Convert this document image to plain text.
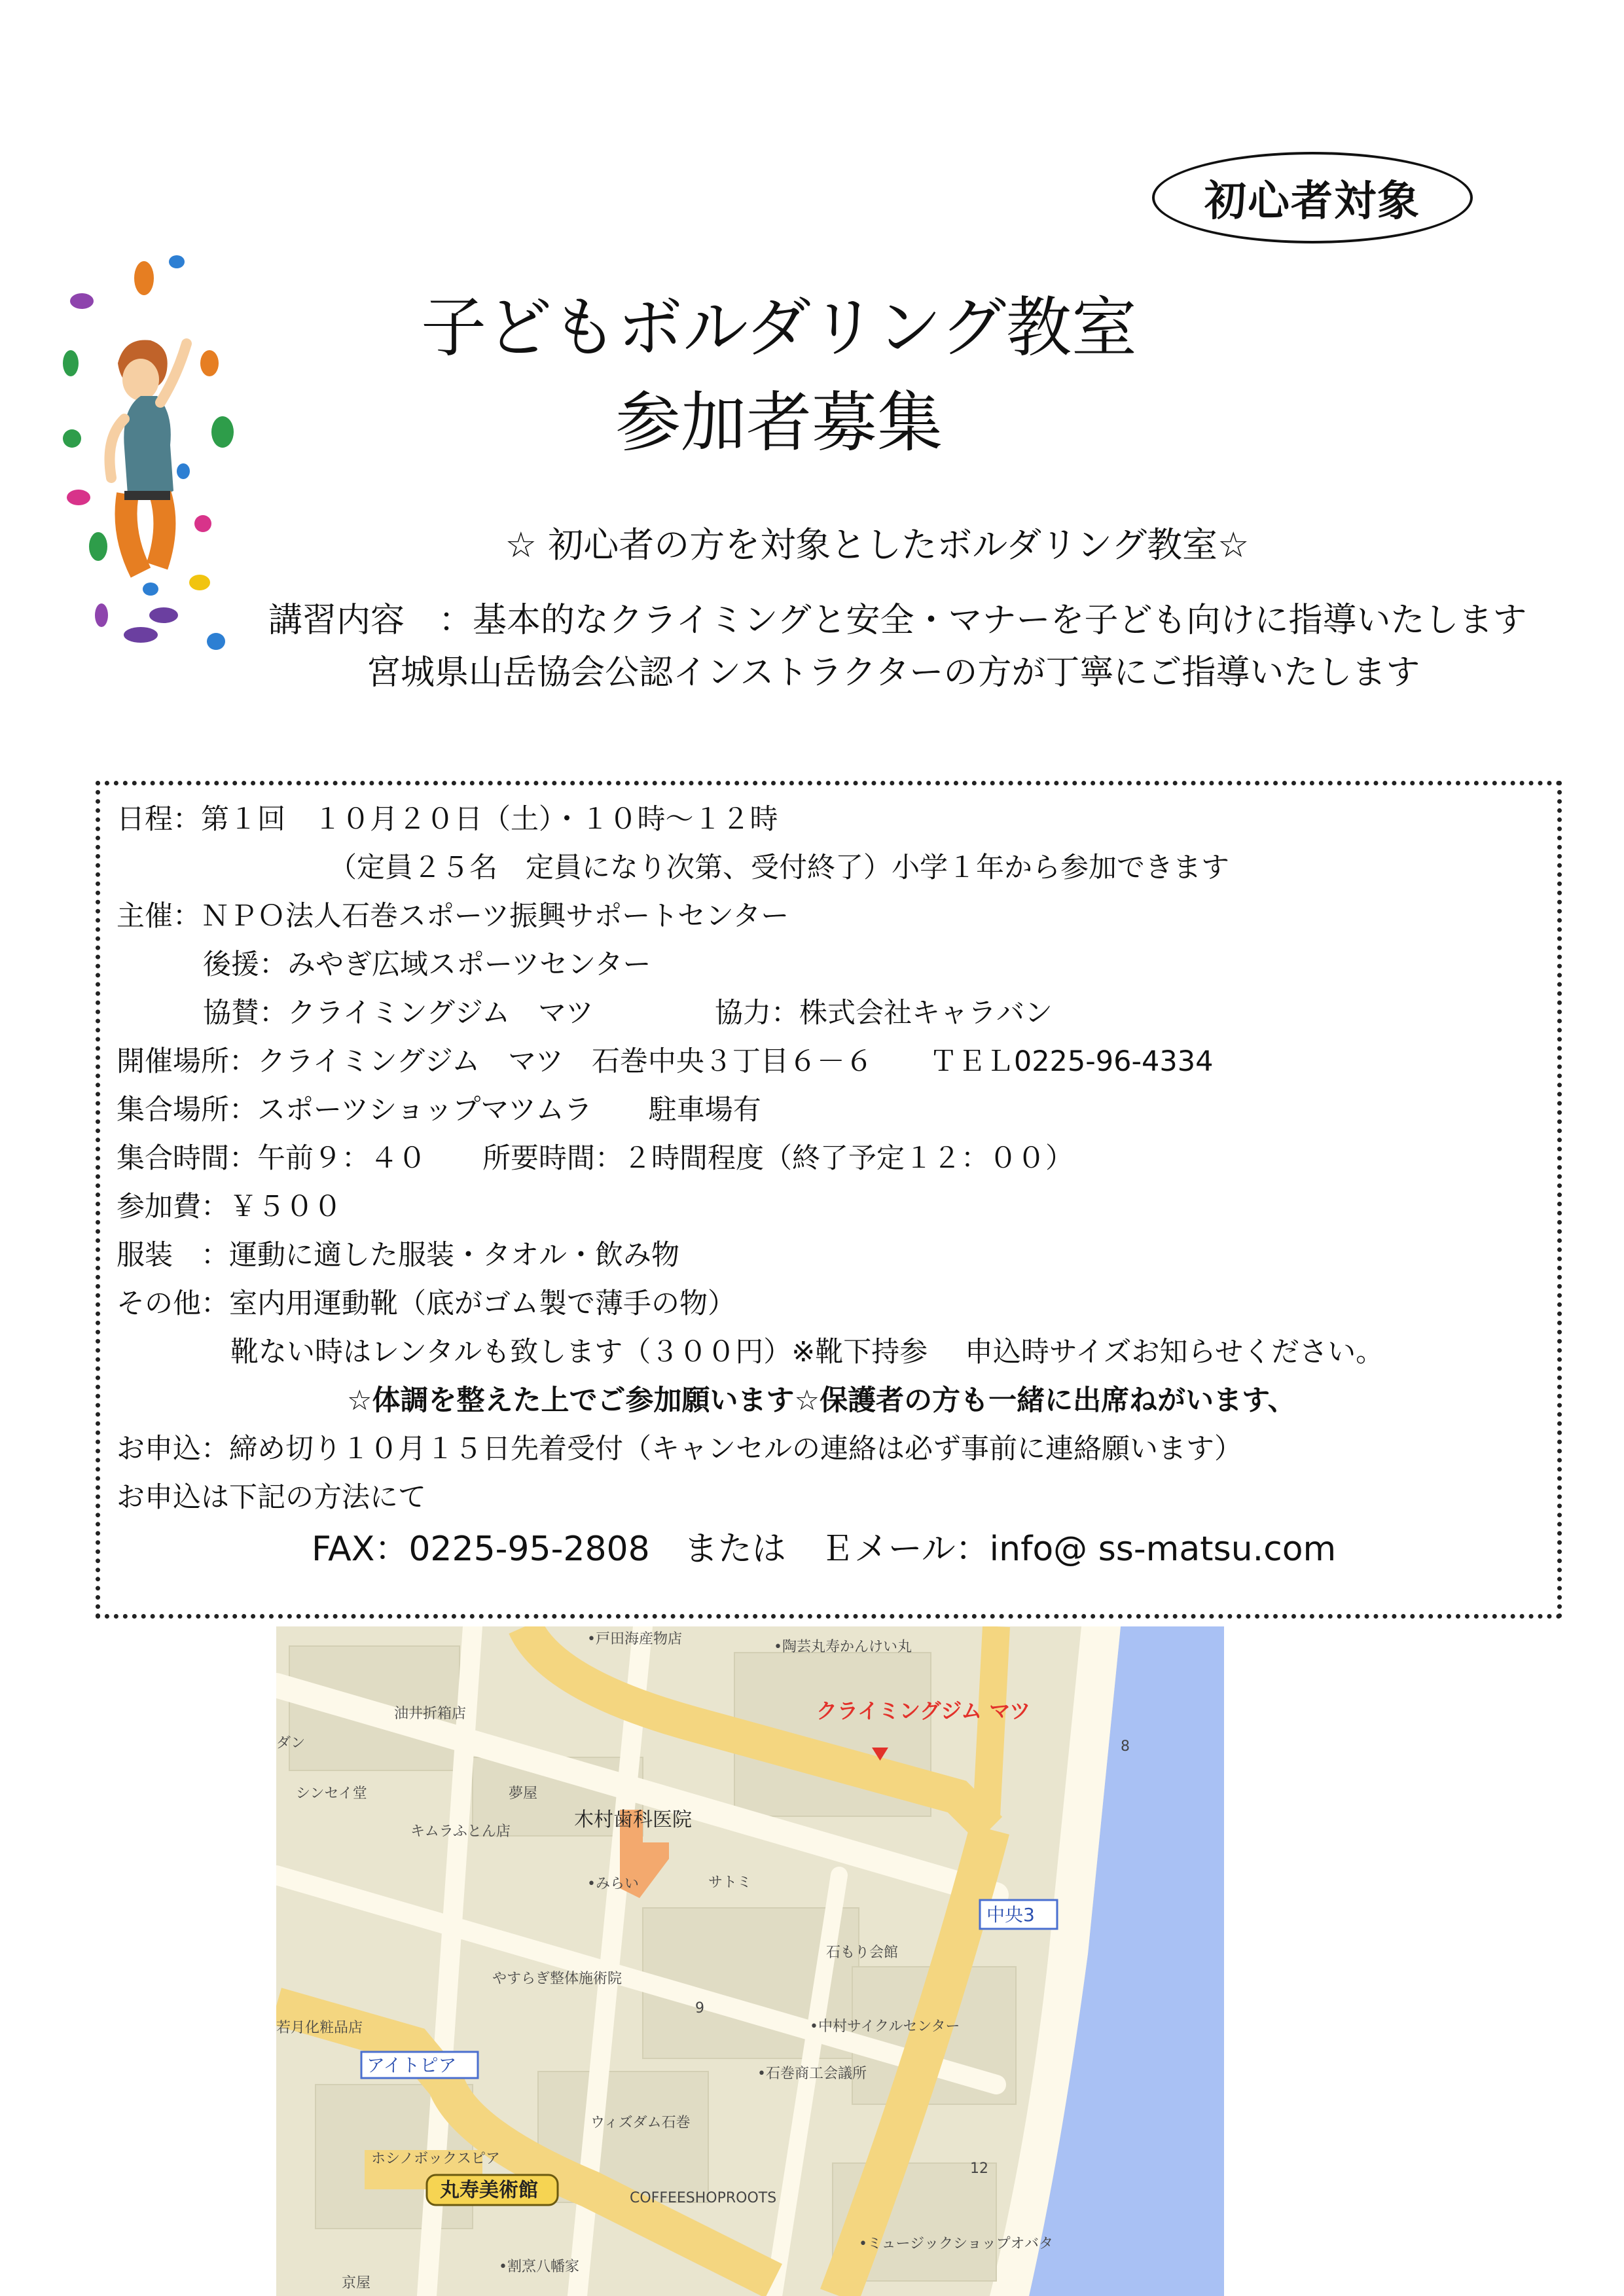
初心者対象
子どもボルダリング教室
参加者募集
☆ 初心者の方を対象としたボルダリング教室☆
講習内容　：基本的なクライミングと安全・マナーを子ども向けに指導いたします
宮城県山岳協会公認インストラクターの方が丁寧にご指導いたします
日程：第１回　１０月２０日（土）・１０時～１２時
（定員２５名　定員になり次第、受付終了）小学１年から参加できます
主催：ＮＰＯ法人石巻スポーツ振興サポートセンター
後援：みやぎ広域スポーツセンター
協賛：クライミングジム　マツ	協力：株式会社キャラバン
開催場所：クライミングジム　マツ　石巻中央３丁目６－６　　ＴＥＬ0225-96-4334
集合場所：スポーツショップマツムラ　　駐車場有
集合時間：午前９：４０　　所要時間：２時間程度（終了予定１２：００）
参加費：￥５００
服装　：運動に適した服装・タオル・飲み物
その他：室内用運動靴（底がゴム製で薄手の物）
靴ない時はレンタルも致します（３００円）※靴下持参　 申込時サイズお知らせください。
☆体調を整えた上でご参加願います☆保護者の方も一緒に出席ねがいます、
お申込：締め切り１０月１５日先着受付（キャンセルの連絡は必ず事前に連絡願います）
お申込は下記の方法にて
FAX：0225-95-2808　または　Ｅメール：info@ ss-matsu.com
•戸田海産物店	•陶芸丸寿かんけい丸
油井折箱店
シンセイ堂	夢屋
キムラふとん店
•みらい	サトミ
石もり会館
やすらぎ整体施術院
若月化粧品店	•中村サイクルセンター
•石巻商工会議所
ウィズダム石巻
ホシノボックスピア
COFFEESHOPROOTS
•ミュージックショップオバタ
•割烹八幡家
京屋
ダン	8
9
12
木村歯科医院
クライミングジム マツ
中央3
アイトピア
丸寿美術館
